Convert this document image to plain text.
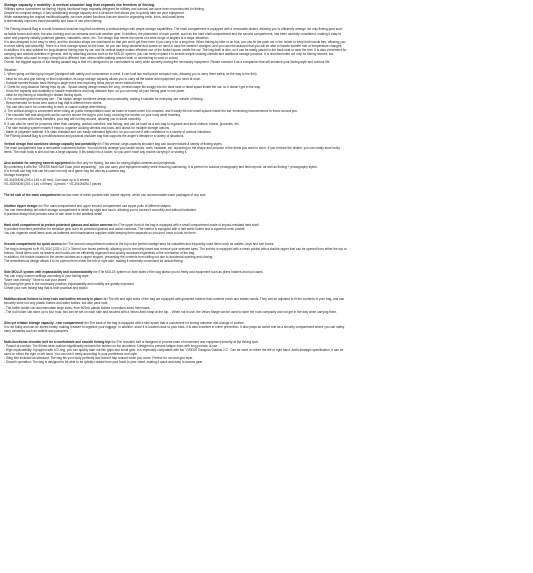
Storage capacity x mobility: A vertical shoulder bag that expands the freedom of fishing.
*Military specs customized for fishing: Highly functional bags originally designed for military and survival use have been reconstructed for fishing.
Despite its compact design, it has outstanding storage capacity and a structure that allows you to quickly take out your equipment.
While maintaining the original multifunctionality, we have added functions that are ideal for organizing reels, lures, and small items.
It dramatically improves maneuverability and ease of use when fishing.
The Fishing Assault Bag is a multi-functional shoulder bag that combines a vertical design with ample storage capabilities. The main compartment is equipped with a removable divider, allowing you to efficiently arrange not only fishing gear such
as tackle boxes and reels, but also clothing such as rainwear and cold weather gear. In addition, the placement of each pocket, such as the hard shell compartment and the second compartment, has been carefully considered, making it easy to
store and properly classify polarized glasses, valuables, wires, etc. The design that meets the needs of a wide range of anglers is a major attraction.
It is also designed to be easy to carry, and the shoulder straps are cushioned so that you won't get tired even if you carry it for a long time. When fishing by bike or on foot, you can fix the pack rod in the holder to keep both hands free, allowing you
to move safely and smoothly. There is a front storage space on the back, so you can keep rainwear and towels on hand in case the weather changes, and you can rest assured that you will be able to handle sudden rain or temperature changes.
In addition, it is also suitable for long-distance fishing trips by car, and its vertical shape makes effective use of the limited space inside the car. The bag itself is slim, so it can be easily placed in the back seat or near the feet. It is also convenient for
camping and outdoor activities in general, and by attaching various tools to the MOLLE system, you can freely expand it to include simple cooking utensils and additional storage pouches. It is recommended not only for fishing scenes, but
also for those who want to enjoy a bag that is different from others while walking around town or commuting to work or school.
Overall, the biggest appeal of the fishing assault bag is that it is designed to be comfortable to carry while securely storing the necessary equipment. Please consider it as a companion that will enhance your fishing style and outdoor life.
Situation:
1. When going out fishing by bicycle (designed with safety and convenience in mind, it can hold two multi-piece compact rods, allowing you to carry them safely on the way to the fish)
- Ideal for run-and-gun fishing or field exploration, its large storage capacity allows you to carry all the tackle and equipment you need at once.
- Suitable scenes include bank fishing in large rivers and exploring fields you've never visited before.
2. Great for long distance fishing trips by car - Space-saving design means the long, vertical shape fits snugly into the back seat or dead space inside the car, so it doesn't get in the way.
- It has the capacity and durability to handle expeditions and long distance trips, so you can keep all your fishing gear in one place.
- Ideal for trip fishing or travelling to distant fishing spots.
3. For commuting and everyday use - The stylish design combines design and practicality, making it suitable for everyday use outside of fishing.
- Recommended for those who want a bag that is different from others.
- You can also use it for commuting to work or casual outings after fishing.
4. The vertical design is convenient when riding on public transportation such as trains or buses when it is crowded, and it easily fits into small spaces inside the car, minimizing inconvenience to those around you.
- The shoulder belt and sling belt can be used to secure the bag to your body, reducing the burden on your body while traveling.
- Even on routes with many transfers, your bag will not flap around, allowing you to travel smoothly.
5. It can also be used for purposes other than camping, outdoor activities, and fishing, and can be used as a sub-bag to organize and store clothes, towels, groceries, etc.
- The side molding system makes it easy to organize cooking utensils and tools, and allows for multiple storage options.
- Made of polyester material, it is stain-resistant and can easily withstand light rain, so you can use it with confidence in a variety of outdoor situations.
The Fishing Assault Bag is a multifunctional and practical shoulder bag that supports the angler's lifestyle in a variety of situations.
Vertical design that combines storage capacity and portability<br>This vertical, large-capacity shoulder bag can accommodate a variety of fishing styles.
The main compartment has a removable cushioned divider. You can freely arrange your tackle boxes, reels, rainwear, etc. according to the shape and purpose of the items you want to store. If you remove the divider, you can neatly store bulky
items. The main body is slim but has a large capacity. It fits easily into a locker, so you won't have any trouble carrying it or storing it.
Also suitable for carrying camera equipment<br>Not only for fishing, but also for storing digital cameras and peripherals.
By combining it with the "ORESS Multi Soft Case (sold separately)", you can carry your equipment safely while ensuring cushioning. It is perfect for outdoor photography and field reports, as well as fishing + photography styles.
It is a multi-use bag that can be used not only as a game bag but also as a camera bag.
Storage examples
VS-3010NDM (205 x 145 x 40 mm): Can store up to 8 sheets
VS-3020NDM (201 x 145 x 59mm): 4 pieces + VS-3010NDM 2 pieces
The lid side of the main compartment has two rows of mesh pockets with double zippers, which can accommodate warm packages of any size.
Intuitive zipper design<br>The main compartment and upper second compartment use zipper pulls of different shapes.
You can immediately tell which storage compartment is which by sight and touch, allowing you to access it smoothly and without hesitation.
A practical design that pursues ease of use down to the smallest detail.
Hard shell compartment to protect polarized glasses and action cameras<br>The upper front of the bag is equipped with a small compartment made of impact-resistant hard shell.
It provides excellent protection for sensitive gear such as polarized glasses and action cameras. The interior is equipped with a half mesh holder and a zippered mesh pocket.
You can organize small items such as batteries and maintenance supplies while keeping them separate so you don't have to look for them.
Second compartment for quick access<br>The second compartment located at the top is the perfect storage area for valuables and frequently used items such as wallets, keys and lure boxes.
The bag is designed to fit VS-3010 (233 x 117 x 34mm) lure boxes perfectly, allowing you to smoothly insert and remove your selected lures. The interior is equipped with a mesh pocket with a double zipper that can be opened from either the top or
bottom. Small items such as leaders and hooks can be efficiently organized and quickly accessed regardless of the orientation of the bag.
In addition, the buckle located in the center doubles as a zipper stopper, preventing the contents from falling out due to accidental opening and closing.
The ambidextrous design allows it to be opened from either the left or right side, making it extremely convenient for actual fishing.
Side MOLLE system with expandability and customizability<br>The MOLLE system on both sides of the bag allows you to freely add equipment such as pliers holders and tool cases.
You can enjoy custom settings according to your fishing style.
"More user-friendly" "More to suit your tastes"
By placing the gear in the necessary position, expandability and mobility are greatly improved.
Create your own fishing bag that is both practical and stylish.
Multifunctional holders to keep rods and bottles securely in place<br>The left and right sides of the bag are equipped with gusseted holders that combine mesh and elastic bands. They can be adjusted to fit the contents of your bag, and can
securely store not only plastic bottles and water bottles, but also pack rods.
- The bottle holder can accommodate large sizes, from 500mL plastic bottles to medium-sized thermoses.
- The rod holder can store up to four rods: two can be set on each side and secured with a Velcro-fixed strap at the top. - When not in use, the Velcro flange can be used to store the rods compactly and not get in the way when carrying them.
Slim yet reliable storage capacity - rear compartment<br>The back of the bag is equipped with a slim space that is convenient for storing rainwear and change of clothes.
It is not bulky and can be stored neatly, making it easier to organize your luggage. In addition, since it is located close to your back, it is also excellent in crime prevention. It also plays an active role as a security compartment where you can safely
carry valuables such as wallets and passports.
Multi-functional shoulder belt for a comfortable and smooth fishing trip<br>The shoulder belt is designed to provide ease of movement and equipment security at the fishing spot.
- Pursuit of comfort: The 50mm-wide cushion significantly reduces the burden on the shoulders. Designed to prevent fatigue even with long periods of use.
- High expandability: Equipped with a D-ring, you can quickly take out fish grips and small gear. It is especially compatible with the "ORESS Gasspan Gladius 2.0". Can be used on either the left or right hand. Ambi-strategic specification, it can be
used on either the right or left hand. You can use it freely according to your preference and style.
- Sling belt included as standard: The bag fits your body perfectly and doesn't flap around when you move. Perfect for run-and-gun style.
- Smooth operation: The bag is designed to be able to be quickly rotated from your back to your chest, making it quick and easy to access gear.
